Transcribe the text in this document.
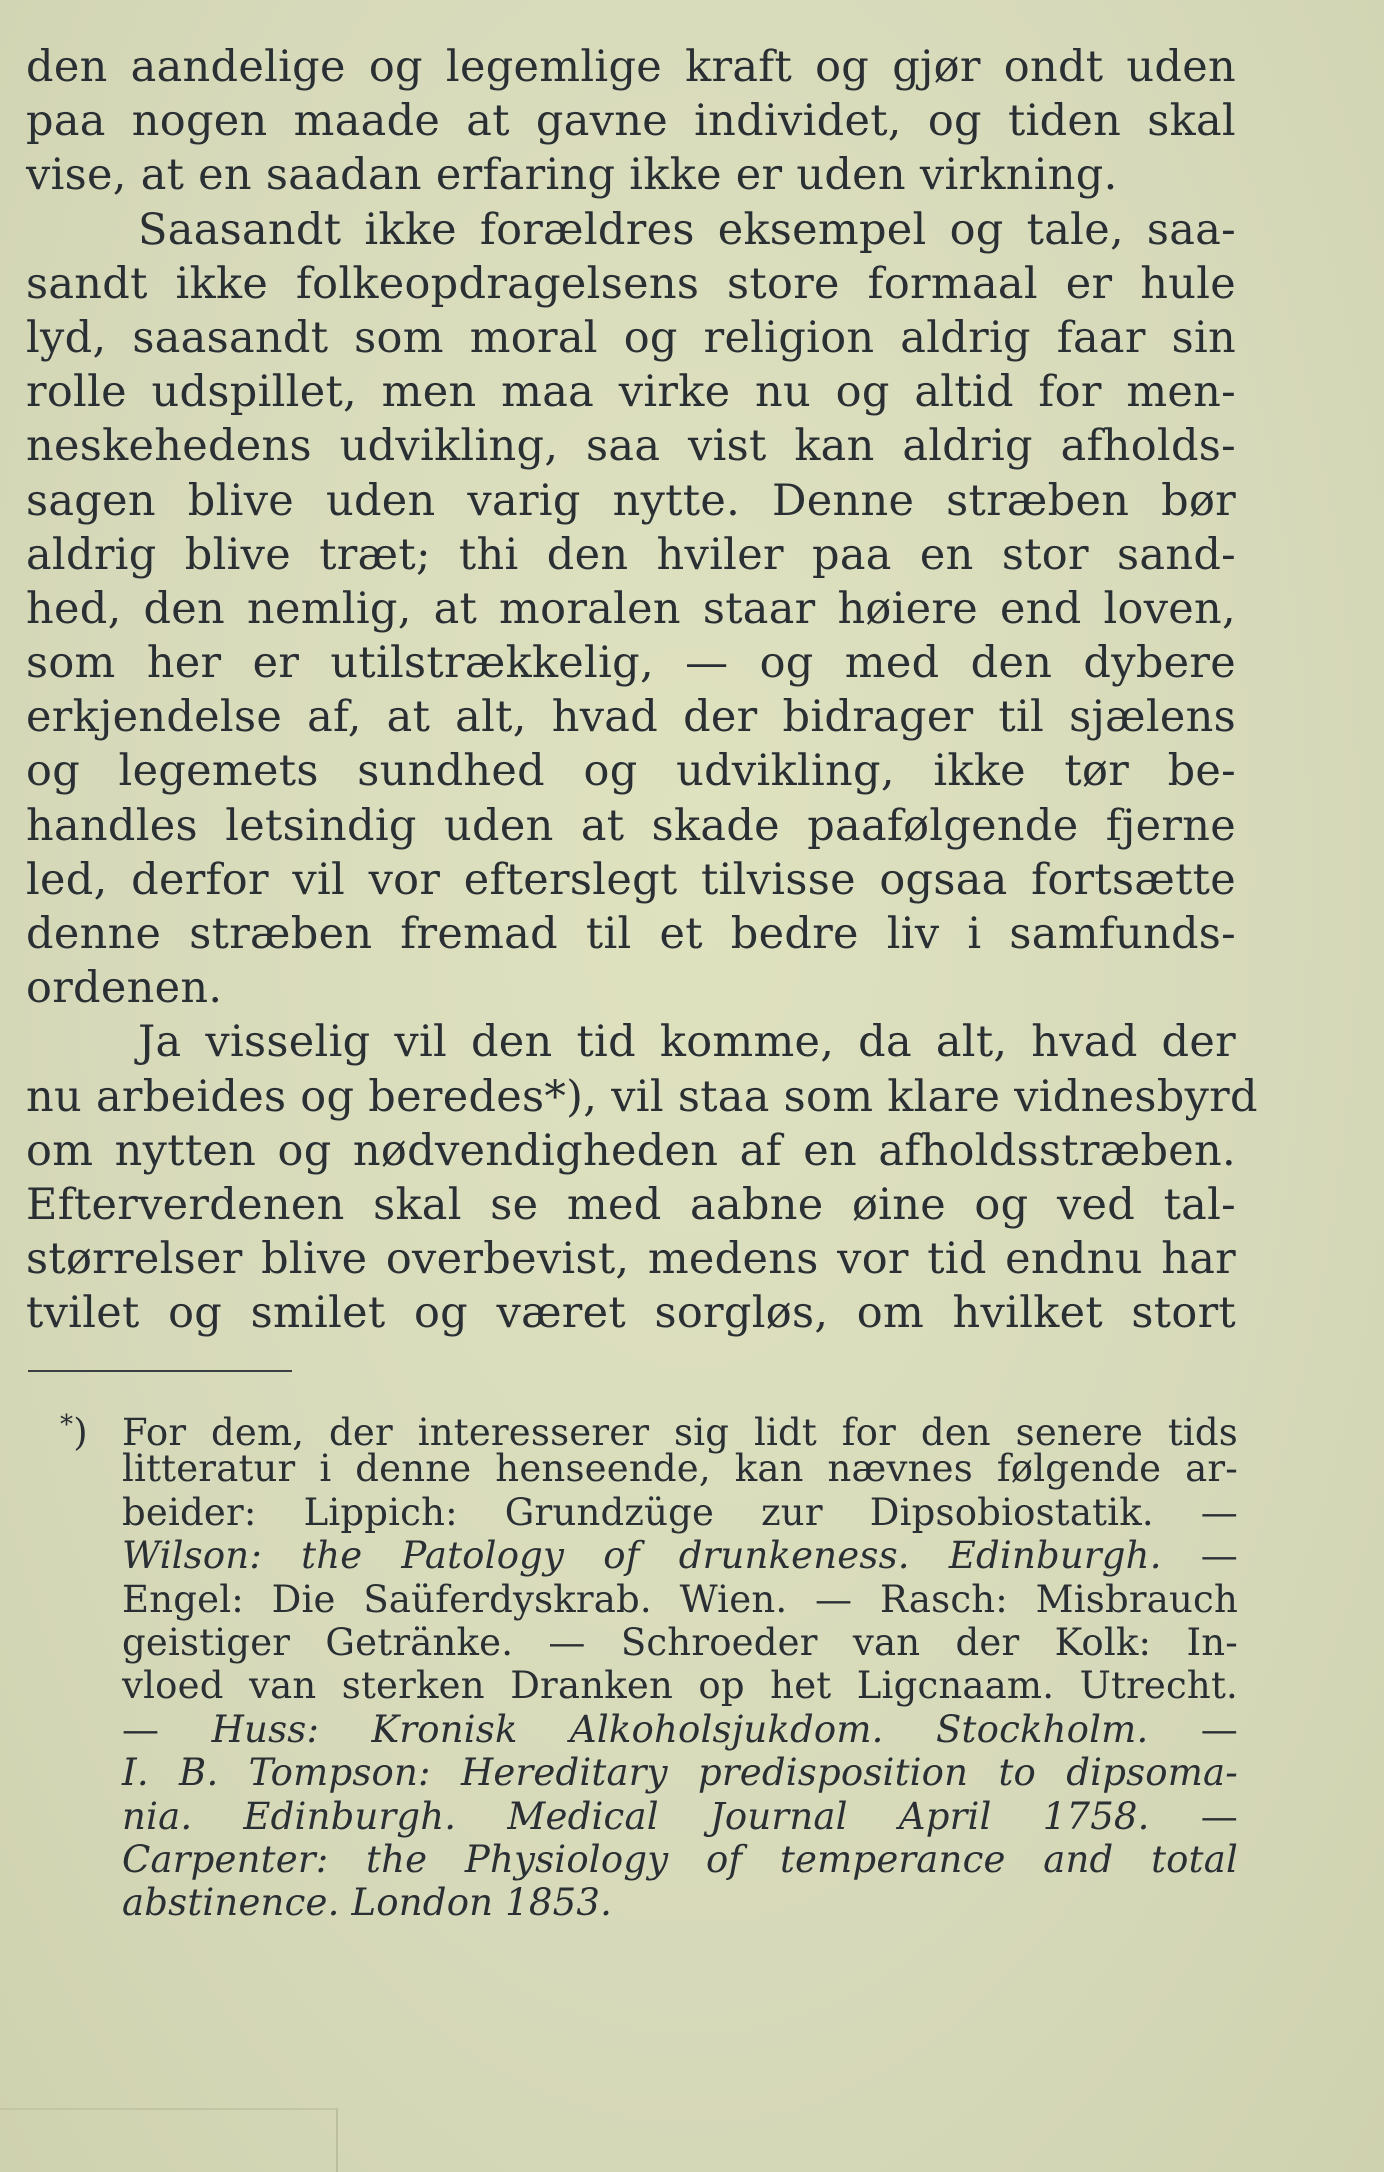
den aandelige og legemlige kraft og gjør ondt uden
paa nogen maade at gavne individet, og tiden skal
vise, at en saadan erfaring ikke er uden virkning.
Saasandt ikke forældres eksempel og tale, saa-
sandt ikke folkeopdragelsens store formaal er hule
lyd, saasandt som moral og religion aldrig faar sin
rolle udspillet, men maa virke nu og altid for men-
neskehedens udvikling, saa vist kan aldrig afholds-
sagen blive uden varig nytte. Denne stræben bør
aldrig blive træt; thi den hviler paa en stor sand-
hed, den nemlig, at moralen staar høiere end loven,
som her er utilstrækkelig, — og med den dybere
erkjendelse af, at alt, hvad der bidrager til sjælens
og legemets sundhed og udvikling, ikke tør be-
handles letsindig uden at skade paafølgende fjerne
led, derfor vil vor efterslegt tilvisse ogsaa fortsætte
denne stræben fremad til et bedre liv i samfunds-
ordenen.
Ja visselig vil den tid komme, da alt, hvad der
nu arbeides og beredes*), vil staa som klare vidnesbyrd
om nytten og nødvendigheden af en afholdsstræben.
Efterverdenen skal se med aabne øine og ved tal-
størrelser blive overbevist, medens vor tid endnu har
tvilet og smilet og været sorgløs, om hvilket stort
*) For dem, der interesserer sig lidt for den senere tids
litteratur i denne henseende, kan nævnes følgende ar-
beider: Lippich: Grundzüge zur Dipsobiostatik. —
Wilson: the Patology of drunkeness. Edinburgh. —
Engel: Die Saüferdyskrab. Wien. — Rasch: Misbrauch
geistiger Getränke. — Schroeder van der Kolk: In-
vloed van sterken Dranken op het Ligcnaam. Utrecht.
— Huss: Kronisk Alkoholsjukdom. Stockholm. —
I. B. Tompson: Hereditary predisposition to dipsoma-
nia. Edinburgh. Medical Journal April 1758. —
Carpenter: the Physiology of temperance and total
abstinence. London 1853.
